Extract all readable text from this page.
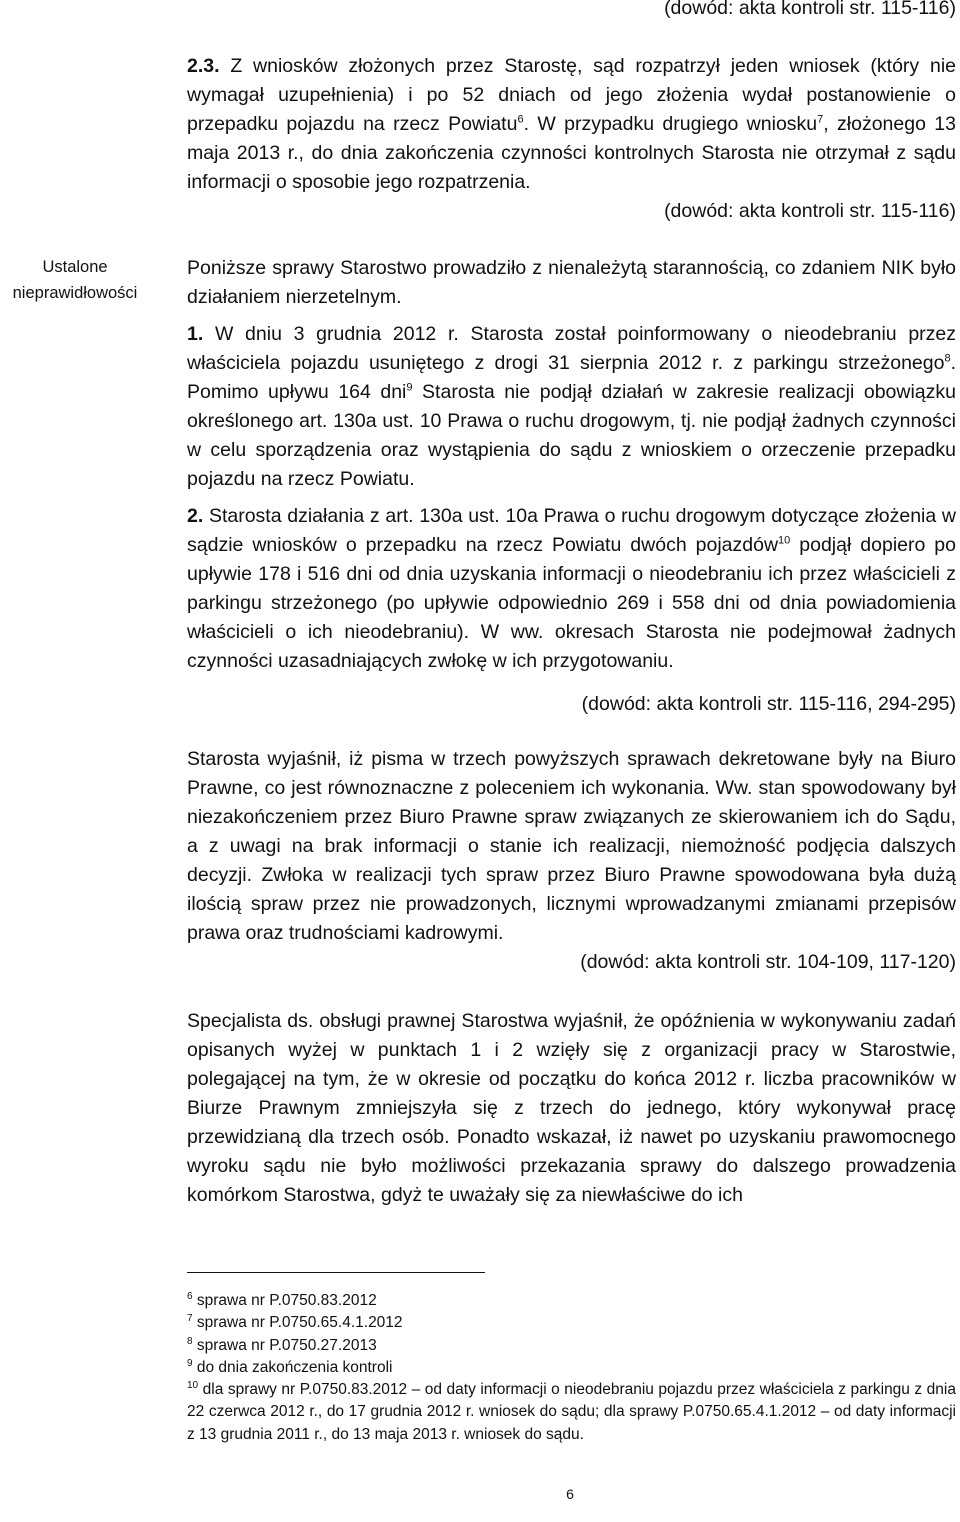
(dowód: akta kontroli str. 115-116)

2.3. Z wniosków złożonych przez Starostę, sąd rozpatrzył jeden wniosek (który nie wymagał uzupełnienia) i po 52 dniach od jego złożenia wydał postanowienie o przepadku pojazdu na rzecz Powiatu$^6$. W przypadku drugiego wniosku$^7$, złożonego 13 maja 2013 r., do dnia zakończenia czynności kontrolnych Starosta nie otrzymał z sądu informacji o sposobie jego rozpatrzenia.

(dowód: akta kontroli str. 115-116)

Ustalone nieprawidłowości

Poniższe sprawy Starostwo prowadziło z nienależytą starannością, co zdaniem NIK było działaniem nierzetelnym.

1. W dniu 3 grudnia 2012 r. Starosta został poinformowany o nieodebraniu przez właściciela pojazdu usuniętego z drogi 31 sierpnia 2012 r. z parkingu strzeżonego$^8$. Pomimo upływu 164 dni$^9$ Starosta nie podjął działań w zakresie realizacji obowiązku określonego art. 130a ust. 10 Prawa o ruchu drogowym, tj. nie podjął żadnych czynności w celu sporządzenia oraz wystąpienia do sądu z wnioskiem o orzeczenie przepadku pojazdu na rzecz Powiatu.

2. Starosta działania z art. 130a ust. 10a Prawa o ruchu drogowym dotyczące złożenia w sądzie wniosków o przepadku na rzecz Powiatu dwóch pojazdów$^{10}$ podjął dopiero po upływie 178 i 516 dni od dnia uzyskania informacji o nieodebraniu ich przez właścicieli z parkingu strzeżonego (po upływie odpowiednio 269 i 558 dni od dnia powiadomienia właścicieli o ich nieodebraniu). W ww. okresach Starosta nie podejmował żadnych czynności uzasadniających zwłokę w ich przygotowaniu.

(dowód: akta kontroli str. 115-116, 294-295)

Starosta wyjaśnił, iż pisma w trzech powyższych sprawach dekretowane były na Biuro Prawne, co jest równoznaczne z poleceniem ich wykonania. Ww. stan spowodowany był niezakończeniem przez Biuro Prawne spraw związanych ze skierowaniem ich do Sądu, a z uwagi na brak informacji o stanie ich realizacji, niemożność podjęcia dalszych decyzji. Zwłoka w realizacji tych spraw przez Biuro Prawne spowodowana była dużą ilością spraw przez nie prowadzonych, licznymi wprowadzanymi zmianami przepisów prawa oraz trudnościami kadrowymi.

(dowód: akta kontroli str. 104-109, 117-120)

Specjalista ds. obsługi prawnej Starostwa wyjaśnił, że opóźnienia w wykonywaniu zadań opisanych wyżej w punktach 1 i 2 wzięły się z organizacji pracy w Starostwie, polegającej na tym, że w okresie od początku do końca 2012 r. liczba pracowników w Biurze Prawnym zmniejszyła się z trzech do jednego, który wykonywał pracę przewidzianą dla trzech osób. Ponadto wskazał, iż nawet po uzyskaniu prawomocnego wyroku sądu nie było możliwości przekazania sprawy do dalszego prowadzenia komórkom Starostwa, gdyż te uważały się za niewłaściwe do ich

$^6$ sprawa nr P.0750.83.2012

$^7$ sprawa nr P.0750.65.4.1.2012

$^8$ sprawa nr P.0750.27.2013

$^9$ do dnia zakończenia kontroli

$^{10}$ dla sprawy nr P.0750.83.2012 – od daty informacji o nieodebraniu pojazdu przez właściciela z parkingu z dnia 22 czerwca 2012 r., do 17 grudnia 2012 r. wniosek do sądu; dla sprawy P.0750.65.4.1.2012 – od daty informacji z 13 grudnia 2011 r., do 13 maja 2013 r. wniosek do sądu.

6
